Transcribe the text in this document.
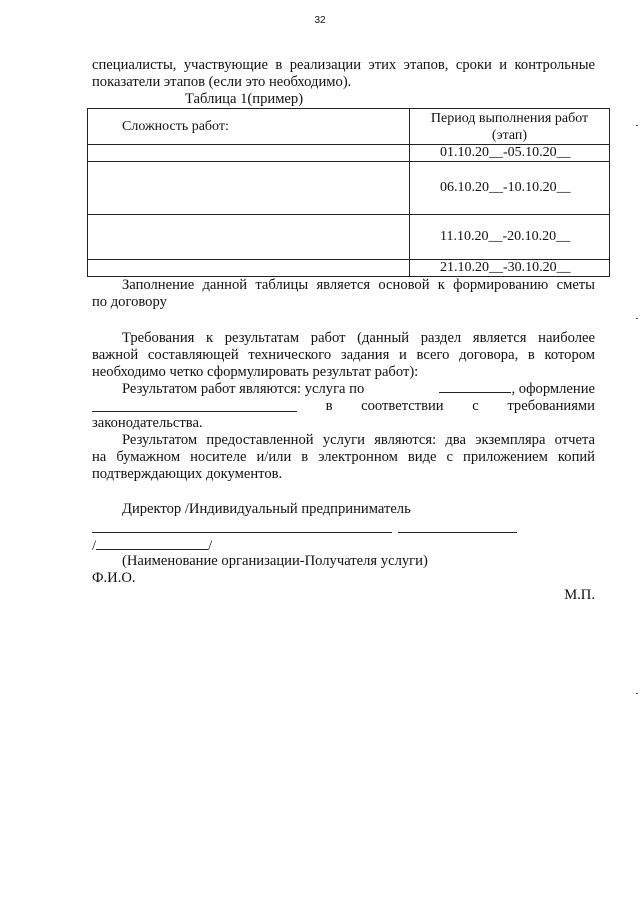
32

специалисты, участвующие в реализации этих этапов, сроки и контрольные

показатели этапов (если это необходимо).

Таблица 1(пример)

Сложность работ:	Период выполнения работ
(этап)

	01.10.20__-05.10.20__
	06.10.20__-10.10.20__
	11.10.20__-20.10.20__
	21.10.20__-30.10.20__

Заполнение данной таблицы является основой к формированию сметы

по договору

Требования к результатам работ (данный раздел является наиболее

важной составляющей технического задания и всего договора, в котором

необходимо четко сформулировать результат работ):

Результатом работ являются: услуга по	, оформление

в соответствии с требованиями

законодательства.

Результатом предоставленной услуги являются: два экземпляра отчета

на бумажном носителе и/или в электронном виде с приложением копий

подтверждающих документов.

Директор /Индивидуальный предприниматель

/	/

(Наименование организации-Получателя услуги)

Ф.И.О.

М.П.
